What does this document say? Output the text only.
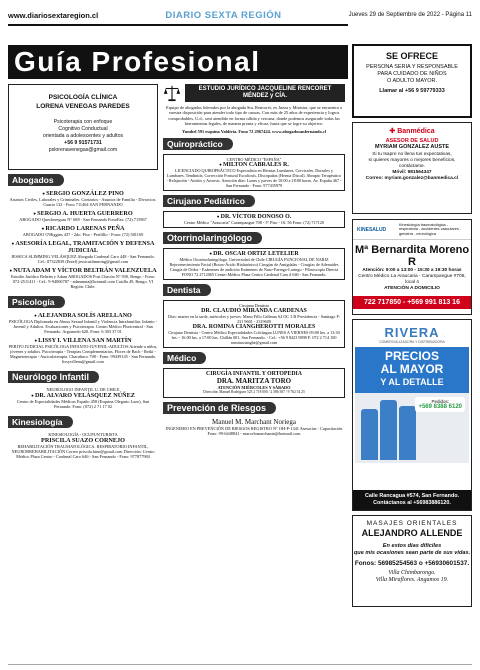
www.diariosextaregion.cl	DIARIO SEXTA REGIÓN	Jueves 29 de Septiembre de 2022 - Página 11
Guía Profesional
PSICOLOGÍA CLÍNICA
LORENA VENEGAS PAREDES
Psicoterapia con enfoque
Cognitivo Conductual
orientada a adolescentes y adultos
+56 9 91571731
pslorenavenegas@gmail.com
Abogados
● SERGIO GONZÁLEZ PINO
Asuntos Civiles, Laborales y Criminales. Contratos - Asuntos de Familia - Divorcios. Cuarta 132 - Fono 711464 SAN FERNANDO
● SERGIO A. HUERTA GUERRERO
ABOGADO Quechereguas N° 688 - San Fernando FonoFax: (72) 715967
● RICARDO LARENAS PEÑA
ABOGADO O'Higgins 437 - 2do. Piso - Perifillo - Fono: (72) 581169
● ASESORÍA LEGAL, TRAMITACIÓN Y DEFENSA JUDICIAL
JESSICA SLIMMING VELÁSQUEZ Abogada Cardenal Caro 448 - San Fernando. Cel.: 87322839 (Entel) jessicaslimming@gmail.com
● NUTA ADAM Y VÍCTOR BELTRÁN VALENZUELA
Estudio Jurídico Beltrán y Adam ABOGADOS Post Chacón N° 930, Rengo - Fono: 072-2511411 - Cel.: 9-94006787 - adamnuta@hotmail.com Casilla 49, Rengo. VI Región. Chile.
Psicología
● ALEJANDRA SOLÍS ARELLANO
PSICÓLOGA Diplomada en Abuso Sexual Infantil y Violencia Intrafamiliar. Infanto - Juvenil y Adultos. Evaluaciones y Psicoterapia. Centro Médico Pluricentral - San Fernando. Argomedo 620. Fono: 6 303 37 01
● LISSY I. VILLENA SAN MARTÍN
PERITO JUDICIAL PSICÓLOGA INFANTO-JUVENIL-ADULTOS Atiende a niños, jóvenes y adultos. Psicoterapia - Terapias Complementarias. Flores de Bach - Reiki - Magnetoterapia - Auriculoterapia. Chacabuco 708 - Fono: 99439145 - San Fernando. lissyvillena@gmail.com
Neurólogo Infantil
NEUROLOGO INFANTIL U. DE CHILE
● DR. ALVARO VELÁSQUEZ NÚÑEZ
Centro de Especialidades Médicas Españo 458 (Esquina Olegario Lazo), San Fernando. Fono: (072) 2 71 17 02
Kinesiología
KINESIOLOGÍA - OCUPUNTURISTA
PRISCILA SUAZO CORNEJO
REHABILITACIÓN TRAUMATOLÓGICA. RESPIRATORIO INFANTIL, NEURORREHABILITACIÓN Correo priscila.kine@gmail.com Dirección: Centro Médico Plaza Centro - Cardenal Caro 646 - San Fernando - Fono: 977877984
ESTUDIO JURÍDICO JACQUELINE RENCORET MÉNDEZ y CÍA.
Equipo de abogados liderados por la abogada Sra. Rencoret, ex Jueza y Ministra, que se encuentra a vuestra disposición para atender todo tipo de causas. Con más de 25 años de experiencia y logros comprobables, U.d., será atendido en forma cálida y cercana, donde podemos asegurarle todas las herramientas legales, de manera pronta y eficaz, hasta que se logre su objetivo.
Yumbel 591 esquina Valdivia. Fono 72 2967424. www.abogadosanfernando.cl
Quiropráctico
CENTRO MÉDICO "ESPAÑA"
● MILTON CABRALES R.
LICENCIADO QUIROPRÁCTICO Especialista en Hernias Lumbares, Cervicales, Dorsales y Lumbares. Tendinitis, Corrección Postural Escoliosis, Discopatías (Hernia Discal). Abrupto Terapéutico - Relajación - Artritis y Artrosis. Atención días: Lunes y jueves de 10:00 a 18:00 horas. Av. España 467 - San Fernando - Fono: 977435979
Cirujano Pediátrico
● DR. VÍCTOR DONOSO O.
Centro Médico "Araucaria" Carampangue 708 - 5° Piso - Of. 56 Fono: (72) 717120
Otorrinolaringólogo
● DR. OSCAR ORTIZ LETELIER
Médico Otorrinolaringólogo. Universidad de Chile CIRUGÍA FUNCIONAL DE NARIZ Rejuvenecimiento Facial (Botox-Ácido Hialurónico) Cirugías de Amígdalas - Cirugías de Adenoides Cirugía de Oídos - Exámenes de audición Exámenes de Naso-Faringo-Laringo - Fibroscopía Directa FONO 72 2712065 Centro Médico Plaza Centro Cardenal Caro # 646 - San Fernando.
Dentista
Cirujano Dentista
DR. CLAUDIO MIRANDA CARDENAS
Días: martes en la tarde, miércoles y jueves. Mano Fillo Callenas 62 OC 3 B Providencia - Santiago F: 231 9601 - 2319600
DRA. ROMINA CIANGHEROTTI MORALES
Cirujano Dentista - Centro Médico Especialidades Colchagua LUNES A VIERNES 09:00 hrs. a 13:30 hrs. - 16:00 hrs. a 17:00 hrs. Chillán 001, San Fernando. - Cel.: +56 9 8423 9898 F: 072 2 714 100 rominacianghe@gmail.com
Médico
CIRUGÍA INFANTIL Y ORTOPEDIA
DRA. MARITZA TORO
ATENCIÓN MIÉRCOLES Y SÁBADO
Dirección: Manuel Rodríguez 525 2 718 000 / 2 586 587 / 9 762 54 25
Prevención de Riesgos
Manuel M. Marchant Noriega
INGENIERO EN PREVENCIÓN DE RIESGOS REGISTRO N° OH-P-1341 Asesorías - Capacitación Fono: 99-6448841 - marcelomarchantn@hotmail.com
SE OFRECE
PERSONA SERIA Y RESPONSABLE
PARA CUIDADO DE NIÑOS
O ADULTO MAYOR.
Llamar al +56 9 59779333
✚ Banmédica
ASESOR DE SALUD
MYRIAM GONZALEZ AUSTE
Si tu Isapre no llena tus expectativas,
si quieres mayores o mejores beneficios,
contáctame.
Móvil: 981564347
Correo: myriam.gonzalez@banmedica.cl
KINESALUD
Kinesiología traumatológica - respiratoria - accidentes vasculares - geriatría - neurológica
Mª Bernardita Moreno R
Atención: 9:00 a 13:00 - 15:30 a 19:30 horas
Centro Médico La Araucaria - Carampangue #708, local 4
ATENCIÓN A DOMICILIO
722 717850 - +569 991 813 16
RIVERA
COMERCIALIZADORA Y DISTRIBUIDORA
PRECIOS
AL MAYOR
Y AL DETALLE
Pedidos:
+569 8388 6120
Calle Rancagua #574, San Fernando.
Contáctanos al +56983886120.
MASAJES ORIENTALES
ALEJANDRO ALLENDE
En estos días difíciles
que mis ocasiones sean parte de sus vidas.
Fonos: 56985254563 o +56930601537.
Villa Chimbarongo.
Villa Miraflores. Angamos 19.
